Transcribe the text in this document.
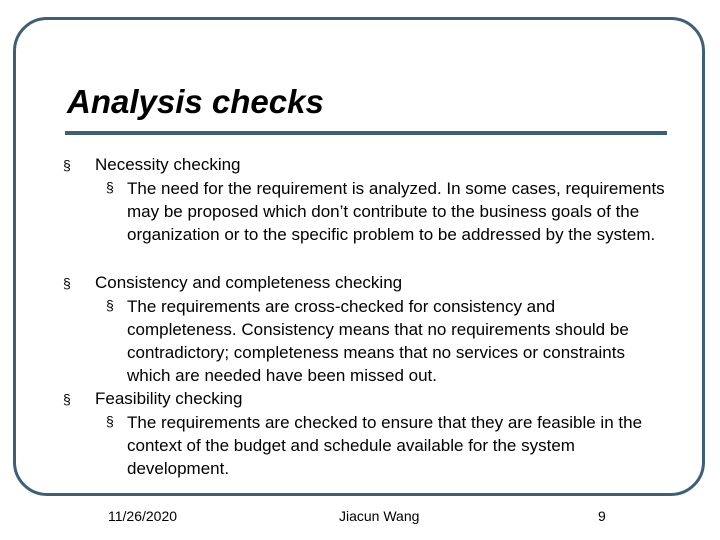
Analysis checks
§ Necessity checking
§ The need for the requirement is analyzed. In some cases, requirements may be proposed which don’t contribute to the business goals of the organization or to the specific problem to be addressed by the system.
§ Consistency and completeness checking
§ The requirements are cross-checked for consistency and completeness. Consistency means that no requirements should be contradictory; completeness means that no services or constraints which are needed have been missed out.
§ Feasibility checking
§ The requirements are checked to ensure that they are feasible in the context of the budget and schedule available for the system development.
11/26/2020	Jiacun Wang	9
